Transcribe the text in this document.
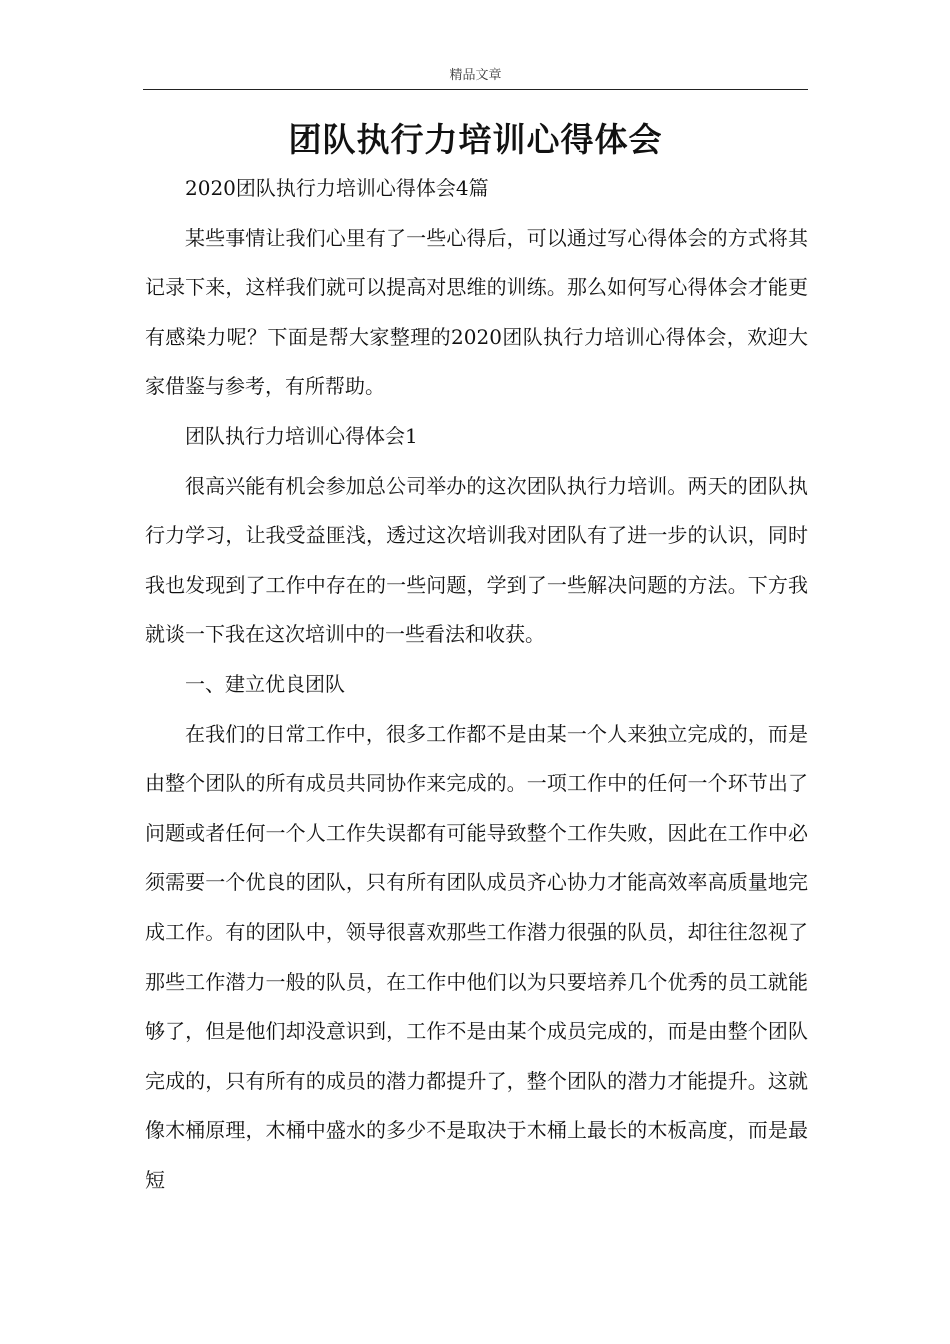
精品文章
团队执行力培训心得体会

2020团队执行力培训心得体会4篇

某些事情让我们心里有了一些心得后，可以通过写心得体会的方式将其记录下来，这样我们就可以提高对思维的训练。那么如何写心得体会才能更有感染力呢？下面是帮大家整理的2020团队执行力培训心得体会，欢迎大家借鉴与参考，有所帮助。

团队执行力培训心得体会1

很高兴能有机会参加总公司举办的这次团队执行力培训。两天的团队执行力学习，让我受益匪浅，透过这次培训我对团队有了进一步的认识，同时我也发现到了工作中存在的一些问题，学到了一些解决问题的方法。下方我就谈一下我在这次培训中的一些看法和收获。

一、建立优良团队

在我们的日常工作中，很多工作都不是由某一个人来独立完成的，而是由整个团队的所有成员共同协作来完成的。一项工作中的任何一个环节出了问题或者任何一个人工作失误都有可能导致整个工作失败，因此在工作中必须需要一个优良的团队，只有所有团队成员齐心协力才能高效率高质量地完成工作。有的团队中，领导很喜欢那些工作潜力很强的队员，却往往忽视了那些工作潜力一般的队员，在工作中他们以为只要培养几个优秀的员工就能够了，但是他们却没意识到，工作不是由某个成员完成的，而是由整个团队完成的，只有所有的成员的潜力都提升了，整个团队的潜力才能提升。这就像木桶原理，木桶中盛水的多少不是取决于木桶上最长的木板高度，而是最短
